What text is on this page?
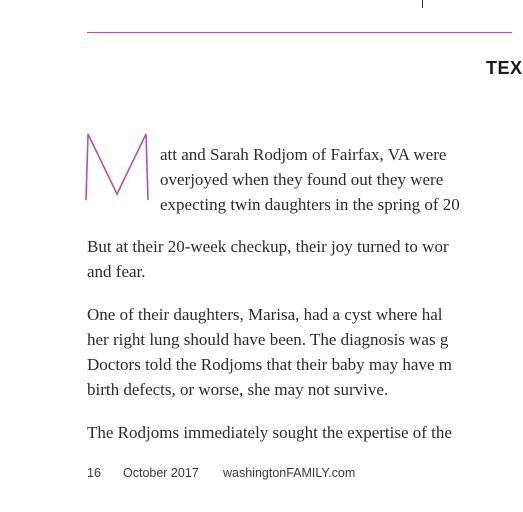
TEX
att and Sarah Rodjom of Fairfax, VA were
overjoyed when they found out they were
expecting twin daughters in the spring of 20
But at their 20-week checkup, their joy turned to wor
and fear.
One of their daughters, Marisa, had a cyst where hal
her right lung should have been. The diagnosis was g
Doctors told the Rodjoms that their baby may have m
birth defects, or worse, she may not survive.
The Rodjoms immediately sought the expertise of the
16 October 2017 washingtonFAMILY.com
